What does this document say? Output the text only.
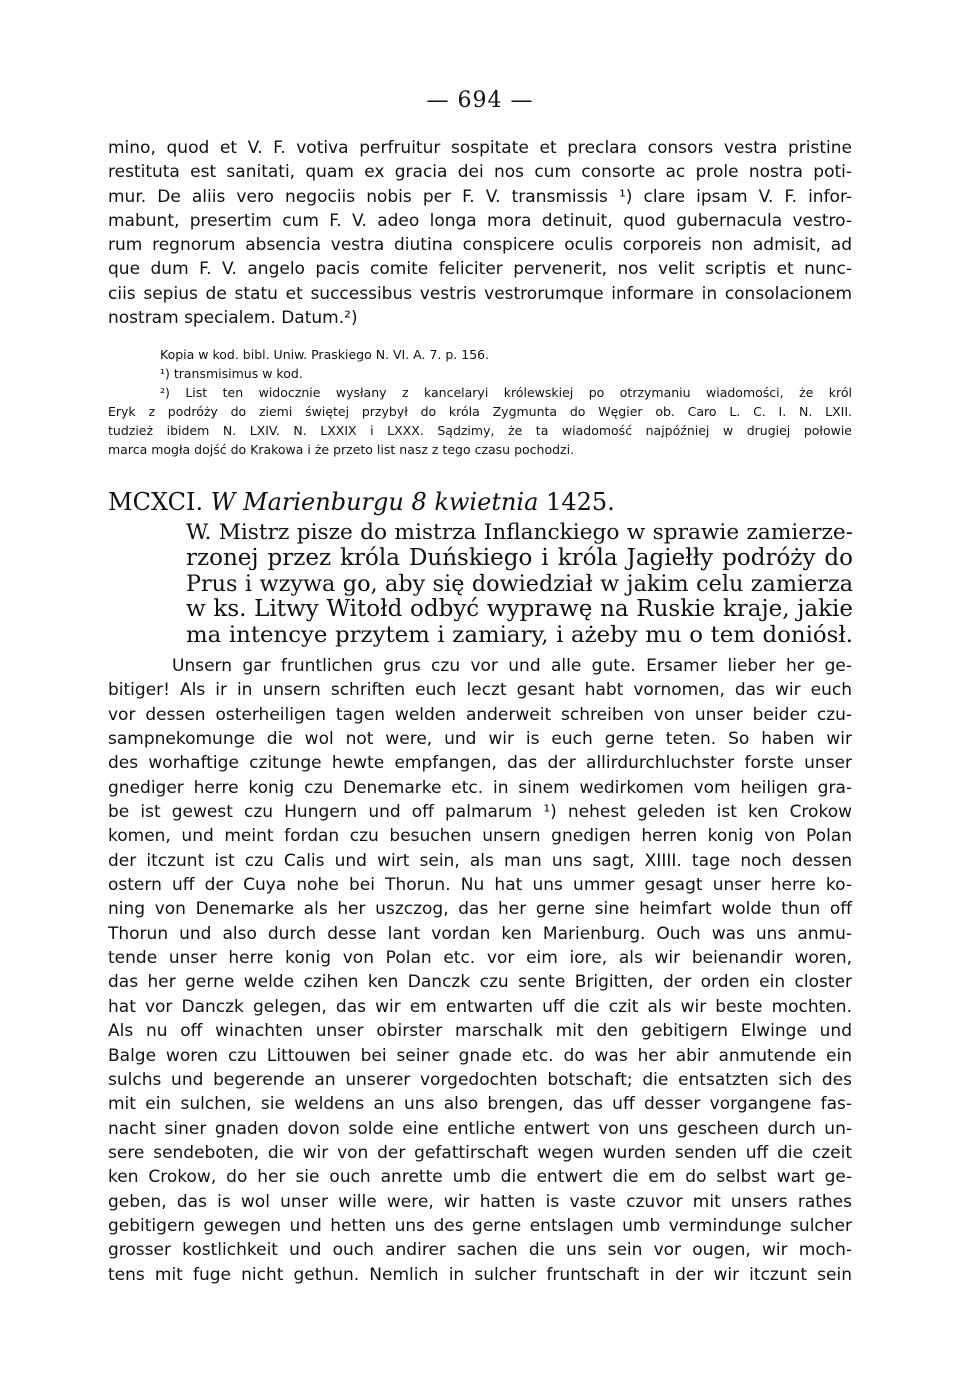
— 694 —
mino, quod et V. F. votiva perfruitur sospitate et preclara consors vestra pristine
restituta est sanitati, quam ex gracia dei nos cum consorte ac prole nostra poti-
mur. De aliis vero negociis nobis per F. V. transmissis ¹) clare ipsam V. F. infor-
mabunt, presertim cum F. V. adeo longa mora detinuit, quod gubernacula vestro-
rum regnorum absencia vestra diutina conspicere oculis corporeis non admisit, ad
que dum F. V. angelo pacis comite feliciter pervenerit, nos velit scriptis et nunc-
ciis sepius de statu et successibus vestris vestrorumque informare in consolacionem
nostram specialem. Datum.²)
Kopia w kod. bibl. Uniw. Praskiego N. VI. A. 7. p. 156.
¹) transmisimus w kod.
²) List ten widocznie wysłany z kancelaryi królewskiej po otrzymaniu wiadomości, że król
Eryk z podróży do ziemi świętej przybył do króla Zygmunta do Węgier ob. Caro L. C. I. N. LXII.
tudzież ibidem N. LXIV. N. LXXIX i LXXX. Sądzimy, że ta wiadomość najpóźniej w drugiej połowie
marca mogła dojść do Krakowa i że przeto list nasz z tego czasu pochodzi.
MCXCI. W Marienburgu 8 kwietnia 1425.
W. Mistrz pisze do mistrza Inflanckiego w sprawie zamierze-
rzonej przez króla Duńskiego i króla Jagiełły podróży do
Prus i wzywa go, aby się dowiedział w jakim celu zamierza
w ks. Litwy Witołd odbyć wyprawę na Ruskie kraje, jakie
ma intencye przytem i zamiary, i ażeby mu o tem doniósł.
Unsern gar fruntlichen grus czu vor und alle gute. Ersamer lieber her ge-
bitiger! Als ir in unsern schriften euch leczt gesant habt vornomen, das wir euch
vor dessen osterheiligen tagen welden anderweit schreiben von unser beider czu-
sampnekomunge die wol not were, und wir is euch gerne teten. So haben wir
des worhaftige czitunge hewte empfangen, das der allirdurchluchster forste unser
gnediger herre konig czu Denemarke etc. in sinem wedirkomen vom heiligen gra-
be ist gewest czu Hungern und off palmarum ¹) nehest geleden ist ken Crokow
komen, und meint fordan czu besuchen unsern gnedigen herren konig von Polan
der itczunt ist czu Calis und wirt sein, als man uns sagt, XIIII. tage noch dessen
ostern uff der Cuya nohe bei Thorun. Nu hat uns ummer gesagt unser herre ko-
ning von Denemarke als her uszczog, das her gerne sine heimfart wolde thun off
Thorun und also durch desse lant vordan ken Marienburg. Ouch was uns anmu-
tende unser herre konig von Polan etc. vor eim iore, als wir beienandir woren,
das her gerne welde czihen ken Danczk czu sente Brigitten, der orden ein closter
hat vor Danczk gelegen, das wir em entwarten uff die czit als wir beste mochten.
Als nu off winachten unser obirster marschalk mit den gebitigern Elwinge und
Balge woren czu Littouwen bei seiner gnade etc. do was her abir anmutende ein
sulchs und begerende an unserer vorgedochten botschaft; die entsatzten sich des
mit ein sulchen, sie weldens an uns also brengen, das uff desser vorgangene fas-
nacht siner gnaden dovon solde eine entliche entwert von uns gescheen durch un-
sere sendeboten, die wir von der gefattirschaft wegen wurden senden uff die czeit
ken Crokow, do her sie ouch anrette umb die entwert die em do selbst wart ge-
geben, das is wol unser wille were, wir hatten is vaste czuvor mit unsers rathes
gebitigern gewegen und hetten uns des gerne entslagen umb vermindunge sulcher
grosser kostlichkeit und ouch andirer sachen die uns sein vor ougen, wir moch-
tens mit fuge nicht gethun. Nemlich in sulcher fruntschaft in der wir itczunt sein
